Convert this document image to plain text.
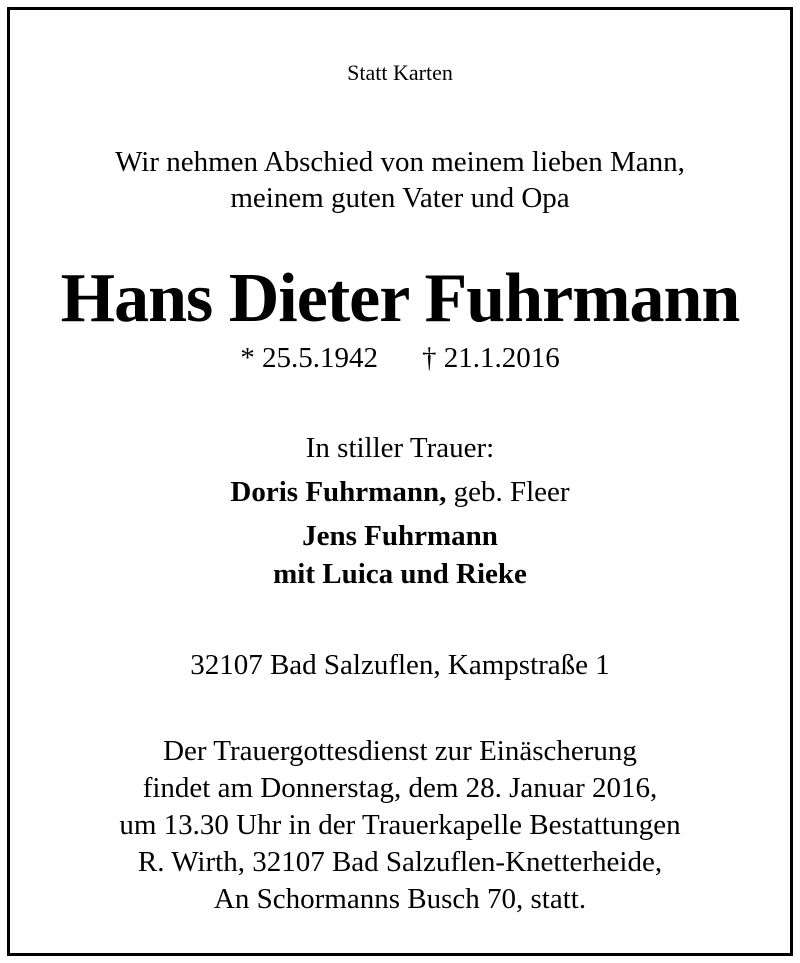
Statt Karten
Wir nehmen Abschied von meinem lieben Mann,
meinem guten Vater und Opa
Hans Dieter Fuhrmann
* 25.5.1942 † 21.1.2016
In stiller Trauer:
Doris Fuhrmann, geb. Fleer
Jens Fuhrmann
mit Luica und Rieke
32107 Bad Salzuflen, Kampstraße 1
Der Trauergottesdienst zur Einäscherung
findet am Donnerstag, dem 28. Januar 2016,
um 13.30 Uhr in der Trauerkapelle Bestattungen
R. Wirth, 32107 Bad Salzuflen-Knetterheide,
An Schormanns Busch 70, statt.
